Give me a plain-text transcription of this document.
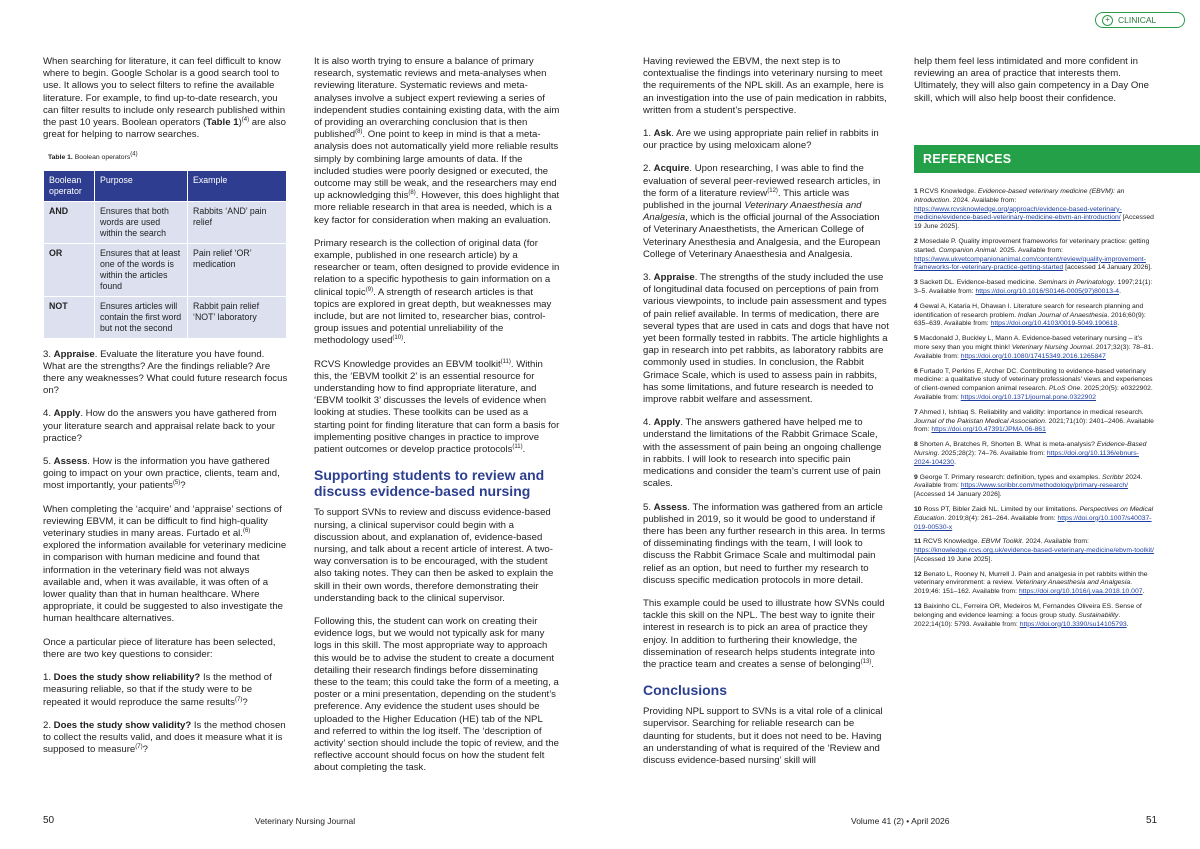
+ CLINICAL

When searching for literature, it can feel difficult to know where to begin. Google Scholar is a good search tool to use. It allows you to select filters to refine the available literature. For example, to find up-to-date research, you can filter results to include only research published within the past 10 years. Boolean operators (Table 1)$^{(4)}$ are also great for helping to narrow searches.

Table 1. Boolean operators$^{(4)}$
Boolean operator	Purpose	Example
AND	Ensures that both words are used within the search	Rabbits ‘AND’ pain relief
OR	Ensures that at least one of the words is within the articles found	Pain relief ‘OR’ medication
NOT	Ensures articles will contain the first word but not the second	Rabbit pain relief ‘NOT’ laboratory

3. Appraise. Evaluate the literature you have found. What are the strengths? Are the findings reliable? Are there any weaknesses? What could future research focus on?

4. Apply. How do the answers you have gathered from your literature search and appraisal relate back to your practice?

5. Assess. How is the information you have gathered going to impact on your own practice, clients, team and, most importantly, your patients$^{(5)}$?

When completing the ‘acquire’ and ‘appraise’ sections of reviewing EBVM, it can be difficult to find high-quality veterinary studies in many areas. Furtado et al.$^{(6)}$ explored the information available for veterinary medicine in comparison with human medicine and found that information in the veterinary field was not always available and, when it was available, it was often of a lower quality than that in human healthcare. Where appropriate, it could be suggested to also investigate the human healthcare alternatives.

Once a particular piece of literature has been selected, there are two key questions to consider:

1. Does the study show reliability? Is the method of measuring reliable, so that if the study were to be repeated it would reproduce the same results$^{(7)}$?

2. Does the study show validity? Is the method chosen to collect the results valid, and does it measure what it is supposed to measure$^{(7)}$?

It is also worth trying to ensure a balance of primary research, systematic reviews and meta-analyses when reviewing literature. Systematic reviews and meta-analyses involve a subject expert reviewing a series of independent studies containing existing data, with the aim of providing an overarching conclusion that is then published$^{(8)}$. One point to keep in mind is that a meta-analysis does not automatically yield more reliable results simply by combining large amounts of data. If the included studies were poorly designed or executed, the outcome may still be weak, and the researchers may end up acknowledging this$^{(8)}$. However, this does highlight that more reliable research in that area is needed, which is a key factor for consideration when making an evaluation.

Primary research is the collection of original data (for example, published in one research article) by a researcher or team, often designed to provide evidence in relation to a specific hypothesis to gain information on a clinical topic$^{(9)}$. A strength of research articles is that topics are explored in great depth, but weaknesses may include, but are not limited to, researcher bias, control-group issues and potential unreliability of the methodology used$^{(10)}$.

RCVS Knowledge provides an EBVM toolkit$^{(11)}$. Within this, the ‘EBVM toolkit 2’ is an essential resource for understanding how to find appropriate literature, and ‘EBVM toolkit 3’ discusses the levels of evidence when looking at studies. These toolkits can be used as a starting point for finding literature that can form a basis for implementing positive changes in practice to improve patient outcomes or develop practice protocols$^{(11)}$.

Supporting students to review and discuss evidence-based nursing

To support SVNs to review and discuss evidence-based nursing, a clinical supervisor could begin with a discussion about, and explanation of, evidence-based nursing, and talk about a recent article of interest. A two-way conversation is to be encouraged, with the student also taking notes. They can then be asked to explain the skill in their own words, therefore demonstrating their understanding back to the clinical supervisor.

Following this, the student can work on creating their evidence logs, but we would not typically ask for many logs in this skill. The most appropriate way to approach this would be to advise the student to create a document detailing their research findings before disseminating these to the team; this could take the form of a meeting, a poster or a mini presentation, depending on the student’s preference. Any evidence the student uses should be uploaded to the Higher Education (HE) tab of the NPL and referred to within the log itself. The ‘description of activity’ section should include the topic of review, and the reflective account should focus on how the student felt about completing the task.

Having reviewed the EBVM, the next step is to contextualise the findings into veterinary nursing to meet the requirements of the NPL skill. As an example, here is an investigation into the use of pain medication in rabbits, written from a student’s perspective.

1. Ask. Are we using appropriate pain relief in rabbits in our practice by using meloxicam alone?

2. Acquire. Upon researching, I was able to find the evaluation of several peer-reviewed research articles, in the form of a literature review$^{(12)}$. This article was published in the journal Veterinary Anaesthesia and Analgesia, which is the official journal of the Association of Veterinary Anaesthetists, the American College of Veterinary Anesthesia and Analgesia, and the European College of Veterinary Anaesthesia and Analgesia.

3. Appraise. The strengths of the study included the use of longitudinal data focused on perceptions of pain from various viewpoints, to include pain assessment and types of pain relief available. In terms of medication, there are several types that are used in cats and dogs that have not yet been formally tested in rabbits. The article highlights a gap in research into pet rabbits, as laboratory rabbits are commonly used in studies. In conclusion, the Rabbit Grimace Scale, which is used to assess pain in rabbits, has some limitations, and future research is needed to improve rabbit welfare and assessment.

4. Apply. The answers gathered have helped me to understand the limitations of the Rabbit Grimace Scale, with the assessment of pain being an ongoing challenge in rabbits. I will look to research into specific pain medications and consider the team’s current use of pain scales.

5. Assess. The information was gathered from an article published in 2019, so it would be good to understand if there has been any further research in this area. In terms of disseminating findings with the team, I will look to discuss the Rabbit Grimace Scale and multimodal pain relief as an option, but need to further my research to discuss specific medication protocols in more detail.

This example could be used to illustrate how SVNs could tackle this skill on the NPL. The best way to ignite their interest in research is to pick an area of practice they enjoy. In addition to furthering their knowledge, the dissemination of research helps students integrate into the practice team and creates a sense of belonging$^{(13)}$.

Conclusions

Providing NPL support to SVNs is a vital role of a clinical supervisor. Searching for reliable research can be daunting for students, but it does not need to be. Having an understanding of what is required of the ‘Review and discuss evidence-based nursing’ skill will

help them feel less intimidated and more confident in reviewing an area of practice that interests them. Ultimately, they will also gain competency in a Day One skill, which will also help boost their confidence.

REFERENCES
1 RCVS Knowledge. Evidence-based veterinary medicine (EBVM): an introduction. 2024. Available from: https://www.rcvsknowledge.org/approach/evidence-based-veterinary-medicine/evidence-based-veterinary-medicine-ebvm-an-introduction/ [Accessed 19 June 2025].
2 Mosedale P. Quality improvement frameworks for veterinary practice: getting started. Companion Animal. 2025. Available from: https://www.ukvetcompanionanimal.com/content/review/quality-improvement-frameworks-for-veterinary-practice-getting-started [accessed 14 January 2026].
3 Sackett DL. Evidence-based medicine. Seminars in Perinatology. 1997;21(1): 3–5. Available from: https://doi.org/10.1016/S0146-0005(97)80013-4.
4 Gewal A, Kataria H, Dhawan I. Literature search for research planning and identification of research problem. Indian Journal of Anaesthesia. 2016;60(9): 635–639. Available from: https://doi.org/10.4103/0019-5049.190618.
5 Macdonald J, Buckley L, Mann A. Evidence-based veterinary nursing – it’s more sexy than you might think! Veterinary Nursing Journal. 2017;32(3): 78–81. Available from: https://doi.org/10.1080/17415349.2016.1265847
6 Furtado T, Perkins E, Archer DC. Contributing to evidence-based veterinary medicine: a qualitative study of veterinary professionals’ views and experiences of client-owned companion animal research. PLoS One. 2025;20(5): e0322902. Available from: https://doi.org/10.1371/journal.pone.0322902
7 Ahmed I, Ishtiaq S. Reliability and validity: importance in medical research. Journal of the Pakistan Medical Association. 2021;71(10): 2401–2406. Available from: https://doi.org/10.47391/JPMA.06-861
8 Shorten A, Bratches R, Shorten B. What is meta-analysis? Evidence-Based Nursing. 2025;28(2): 74–76. Available from: https://doi.org/10.1136/ebnurs-2024-104230.
9 George T. Primary research: definition, types and examples. Scribbr 2024. Available from: https://www.scribbr.com/methodology/primary-research/ [Accessed 14 January 2026].
10 Ross PT, Bibler Zaidi NL. Limited by our limitations. Perspectives on Medical Education. 2019;8(4): 261–264. Available from: https://doi.org/10.1007/s40037-019-00530-x
11 RCVS Knowledge. EBVM Toolkit. 2024. Available from: https://knowledge.rcvs.org.uk/evidence-based-veterinary-medicine/ebvm-toolkit/ [Accessed 19 June 2025].
12 Benato L, Rooney N, Murrell J. Pain and analgesia in pet rabbits within the veterinary environment: a review. Veterinary Anaesthesia and Analgesia. 2019;46: 151–162. Available from: https://doi.org/10.1016/j.vaa.2018.10.007.
13 Baixinho CL, Ferreira OR, Medeiros M, Fernandes Oliveira ES. Sense of belonging and evidence learning: a focus group study. Sustainability. 2022;14(10): 5793. Available from: https://doi.org/10.3390/su14105793.
50	Veterinary Nursing Journal	Volume 41 (2) • April 2026	51
